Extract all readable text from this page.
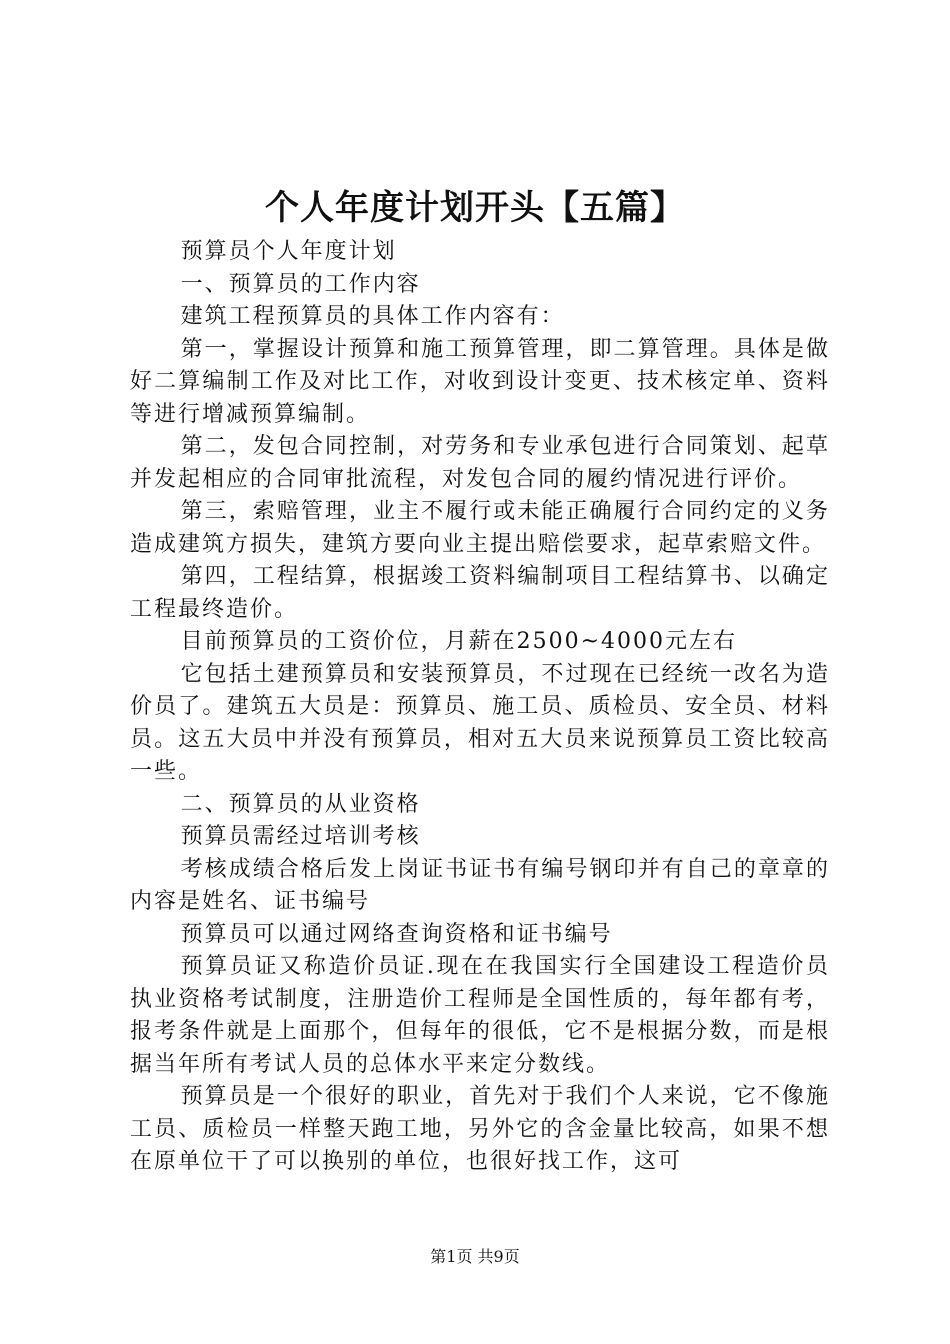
个人年度计划开头【五篇】

预算员个人年度计划

一、预算员的工作内容

建筑工程预算员的具体工作内容有：

第一，掌握设计预算和施工预算管理，即二算管理。具体是做好二算编制工作及对比工作，对收到设计变更、技术核定单、资料等进行增减预算编制。

第二，发包合同控制，对劳务和专业承包进行合同策划、起草并发起相应的合同审批流程，对发包合同的履约情况进行评价。

第三，索赔管理，业主不履行或未能正确履行合同约定的义务造成建筑方损失，建筑方要向业主提出赔偿要求，起草索赔文件。

第四，工程结算，根据竣工资料编制项目工程结算书、以确定工程最终造价。

目前预算员的工资价位，月薪在2500~4000元左右

它包括土建预算员和安装预算员，不过现在已经统一改名为造价员了。建筑五大员是：预算员、施工员、质检员、安全员、材料员。这五大员中并没有预算员，相对五大员来说预算员工资比较高一些。

二、预算员的从业资格

预算员需经过培训考核

考核成绩合格后发上岗证书证书有编号钢印并有自己的章章的内容是姓名、证书编号

预算员可以通过网络查询资格和证书编号

预算员证又称造价员证.现在在我国实行全国建设工程造价员执业资格考试制度，注册造价工程师是全国性质的，每年都有考，报考条件就是上面那个，但每年的很低，它不是根据分数，而是根据当年所有考试人员的总体水平来定分数线。

预算员是一个很好的职业，首先对于我们个人来说，它不像施工员、质检员一样整天跑工地，另外它的含金量比较高，如果不想在原单位干了可以换别的单位，也很好找工作，这可

第1页 共9页
